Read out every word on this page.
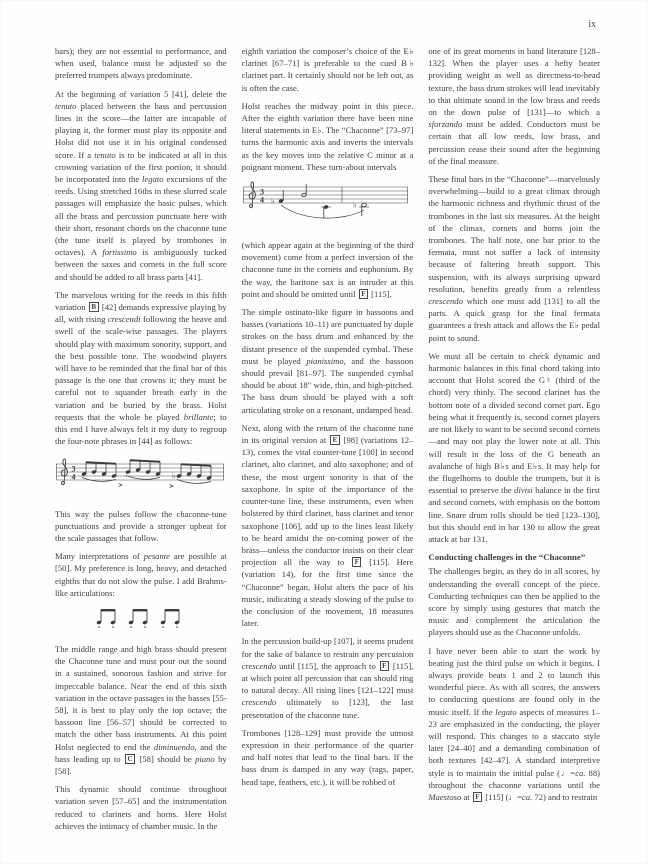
ix

bars); they are not essential to performance, and when used, balance must be adjusted so the preferred trumpets always predominate.

At the beginning of variation 5 [41], delete the tenuto placed between the bass and percussion lines in the score—the latter are incapable of playing it, the former must play its opposite and Holst did not use it in his original condensed score. If a tenuto is to be indicated at all in this crowning variation of the first portion, it should be incorporated into the legato excursions of the reeds. Using stretched 16ths in these slurred scale passages will emphasize the basic pulses, which all the brass and percussion punctuate here with their short, resonant chords on the chaconne tune (the tune itself is played by trombones in octaves). A fortissimo is ambiguously tucked between the saxes and cornets in the full score and should be added to all brass parts [41].

The marvelous writing for the reeds in this fifth variation B [42] demands expressive playing by all, with rising crescendi following the heave and swell of the scale-wise passages. The players should play with maximum sonority, support, and the best possible tone. The woodwind players will have to be reminded that the final bar of this passage is the one that crowns it; they must be careful not to squander breath early in the variation and be buried by the brass. Holst requests that the whole be played brillante; to this end I have always felt it my duty to regroup the four-note phrases in [44] as follows:

3
4	♭
>	>

This way the pulses follow the chaconne-tune punctuations and provide a stronger upbeat for the scale passages that follow.

Many interpretations of pesante are possible at [50]. My preference is long, heavy, and detached eighths that do not slow the pulse. I add Brahms-like articulations:

The middle range and high brass should present the Chaconne tune and must pour out the sound in a sustained, sonorous fashion and strive for impeccable balance. Near the end of this sixth variation in the octave passages in the basses [55-58], it is best to play only the top octave; the bassoon line [56–57] should be corrected to match the other bass instruments. At this point Holst neglected to end the diminuendo, and the bass leading up to C [58] should be piano by [58].

This dynamic should continue throughout variation seven [57–65] and the instrumentation reduced to clarinets and horns. Here Holst achieves the intimacy of chamber music. In the

eighth variation the composer’s choice of the E♭ clarinet [67–71] is preferable to the cued B♭ clarinet part. It certainly should not be left out, as is often the case.

Holst reaches the midway point in this piece. After the eighth variation there have been nine literal statements in E♭. The “Chaconne” [73–97] turns the harmonic axis and inverts the intervals as the key moves into the relative C minor at a poignant moment. These turn-about intervals

3
4 ♭	♭

(which appear again at the beginning of the third movement) come from a perfect inversion of the chaconne tune in the cornets and euphonium. By the way, the baritone sax is an intruder at this point and should be omitted until F [115].

The simple ostinato-like figure in bassoons and basses (variations 10–11) are punctuated by duple strokes on the bass drum and enhanced by the distant presence of the suspended cymbal. These must be played pianissimo, and the bassoon should prevail [81–97]. The suspended cymbal should be about 18" wide, thin, and high-pitched. The bass drum should be played with a soft articulating stroke on a resonant, undamped head.

Next, along with the return of the chaconne tune in its original version at E [98] (variations 12–13), comes the vital counter-tune [100] in second clarinet, alto clarinet, and alto saxophone; and of these, the most urgent sonority is that of the saxophone. In spite of the importance of the counter-tune line, these instruments, even when bolstered by third clarinet, bass clarinet and tenor saxophone [106], add up to the lines least likely to be heard amidst the on-coming power of the brass—unless the conductor insists on their clear projection all the way to F [115]. Here (variation 14), for the first time since the “Chaconne” began, Holst alters the pace of his music, indicating a steady slowing of the pulse to the conclusion of the movement, 18 measures later.

In the percussion build-up [107], it seems prudent for the sake of balance to restrain any percussion crescendo until [115], the approach to F [115], at which point all percussion that can should ring to natural decay. All rising lines [121–122] must crescendo ultimately to [123], the last presentation of the chaconne tune.

Trombones [128–129] must provide the utmost expression in their performance of the quarter and half notes that lead to the final bars. If the bass drum is damped in any way (rags, paper, head tape, feathers, etc.), it will be robbed of

one of its great moments in band literature [128–132]. When the player uses a hefty beater providing weight as well as directness-to-head texture, the bass drum strokes will lead inevitably to that ultimate sound in the low brass and reeds on the down pulse of [131]—to which a sforzando must be added. Conductors must be certain that all low reeds, low brass, and percussion cease their sound after the beginning of the final measure.

These final bars in the “Chaconne”—marvelously overwhelming—build to a great climax through the harmonic richness and rhythmic thrust of the trombones in the last six measures. At the height of the climax, cornets and horns join the trombones. The half note, one bar prior to the fermata, must not suffer a lack of intensity because of faltering breath support. This suspension, with its always surprising upward resolution, benefits greatly from a relentless crescendo which one must add [131] to all the parts. A quick grasp for the final fermata guarantees a fresh attack and allows the E♭ pedal point to sound.

We must all be certain to check dynamic and harmonic balances in this final chord taking into account that Holst scored the G♮ (third of the chord) very thinly. The second clarinet has the bottom note of a divided second cornet part. Ego being what it frequently is, second cornet players are not likely to want to be second second cornets—and may not play the lower note at all. This will result in the loss of the G beneath an avalanche of high B♭s and E♭s. It may help for the flugelhorns to double the trumpets, but it is essential to preserve the divisi balance in the first and second cornets, with emphasis on the bottom line. Snare drum rolls should be tied [123–130], but this should end in bar 130 to allow the great attack at bar 131.

Conducting challenges in the “Chaconne”

The challenges begin, as they do in all scores, by understanding the overall concept of the piece. Conducting techniques can then be applied to the score by simply using gestures that match the music and complement the articulation the players should use as the Chaconne unfolds.

I have never been able to start the work by beating just the third pulse on which it begins. I always provide beats 1 and 2 to launch this wonderful piece. As with all scores, the answers to conducting questions are found only in the music itself. If the legato aspects of measures 1–23 are emphasized in the conducting, the player will respond. This changes to a staccato style later [24–40] and a demanding combination of both textures [42–47]. A standard interpretive style is to maintain the initial pulse (♩=ca. 88) throughout the chaconne variations until the Maestoso at F [115] (♩=ca. 72) and to restrain
